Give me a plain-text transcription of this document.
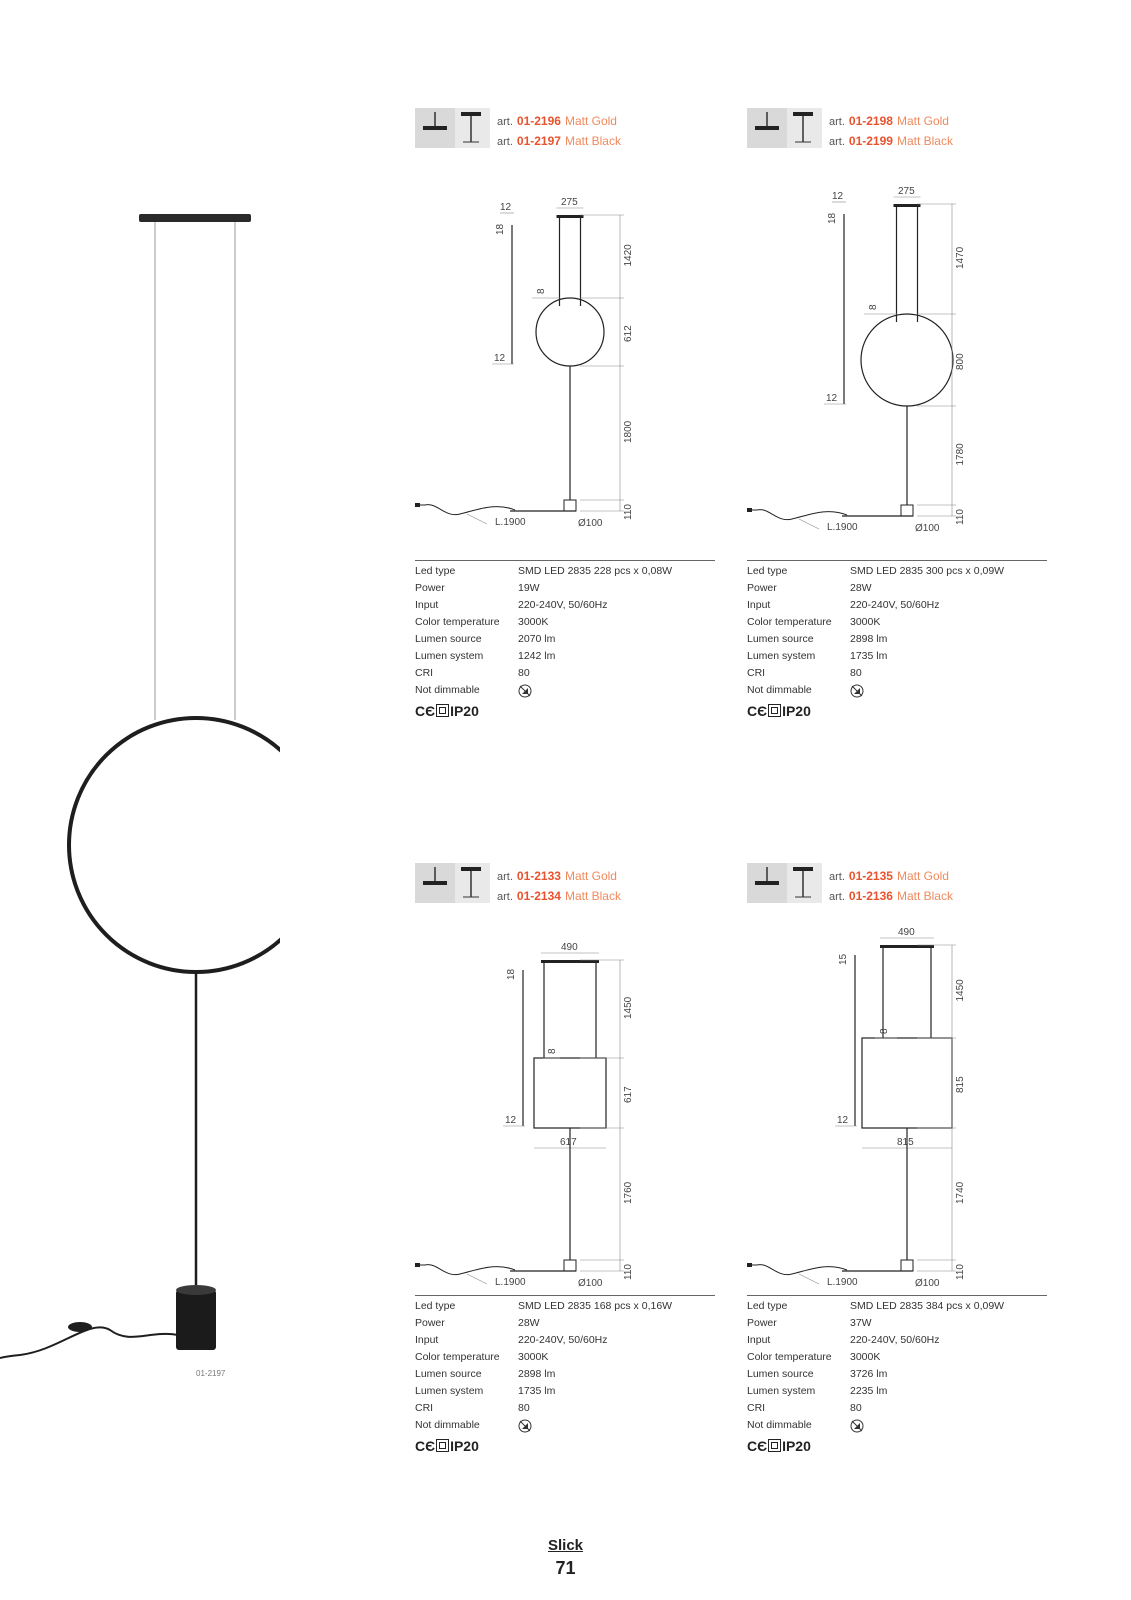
01-2197
art. 01-2196 Matt Gold
art. 01-2197 Matt Black
L.1900	Ø100
275
1420
612
1800
110
12
12
18
8
Led type	SMD LED 2835 228 pcs x 0,08W
Power	19W
Input	220-240V, 50/60Hz
Color temperature 3000K
Lumen source	2070 lm
Lumen system	1242 lm
CRI	80
Not dimmable
CЄ IP20
art. 01-2198 Matt Gold
art. 01-2199 Matt Black
L.1900	Ø100
275
1470
800
1780
110
12
12
18
8
Led type	SMD LED 2835 300 pcs x 0,09W
Power	28W
Input	220-240V, 50/60Hz
Color temperature 3000K
Lumen source	2898 lm
Lumen system	1735 lm
CRI	80
Not dimmable
CЄ IP20
art. 01-2133 Matt Gold
art. 01-2134 Matt Black
617
L.1900	Ø100
490
1450
617
1760
110
12
18
8
Led type	SMD LED 2835 168 pcs x 0,16W
Power	28W
Input	220-240V, 50/60Hz
Color temperature 3000K
Lumen source	2898 lm
Lumen system	1735 lm
CRI	80
Not dimmable
CЄ IP20
art. 01-2135 Matt Gold
art. 01-2136 Matt Black
815
L.1900	Ø100
490
1450
815
1740
110
12
15
8
Led type	SMD LED 2835 384 pcs x 0,09W
Power	37W
Input	220-240V, 50/60Hz
Color temperature 3000K
Lumen source	3726 lm
Lumen system	2235 lm
CRI	80
Not dimmable
CЄ IP20
Slick
71
